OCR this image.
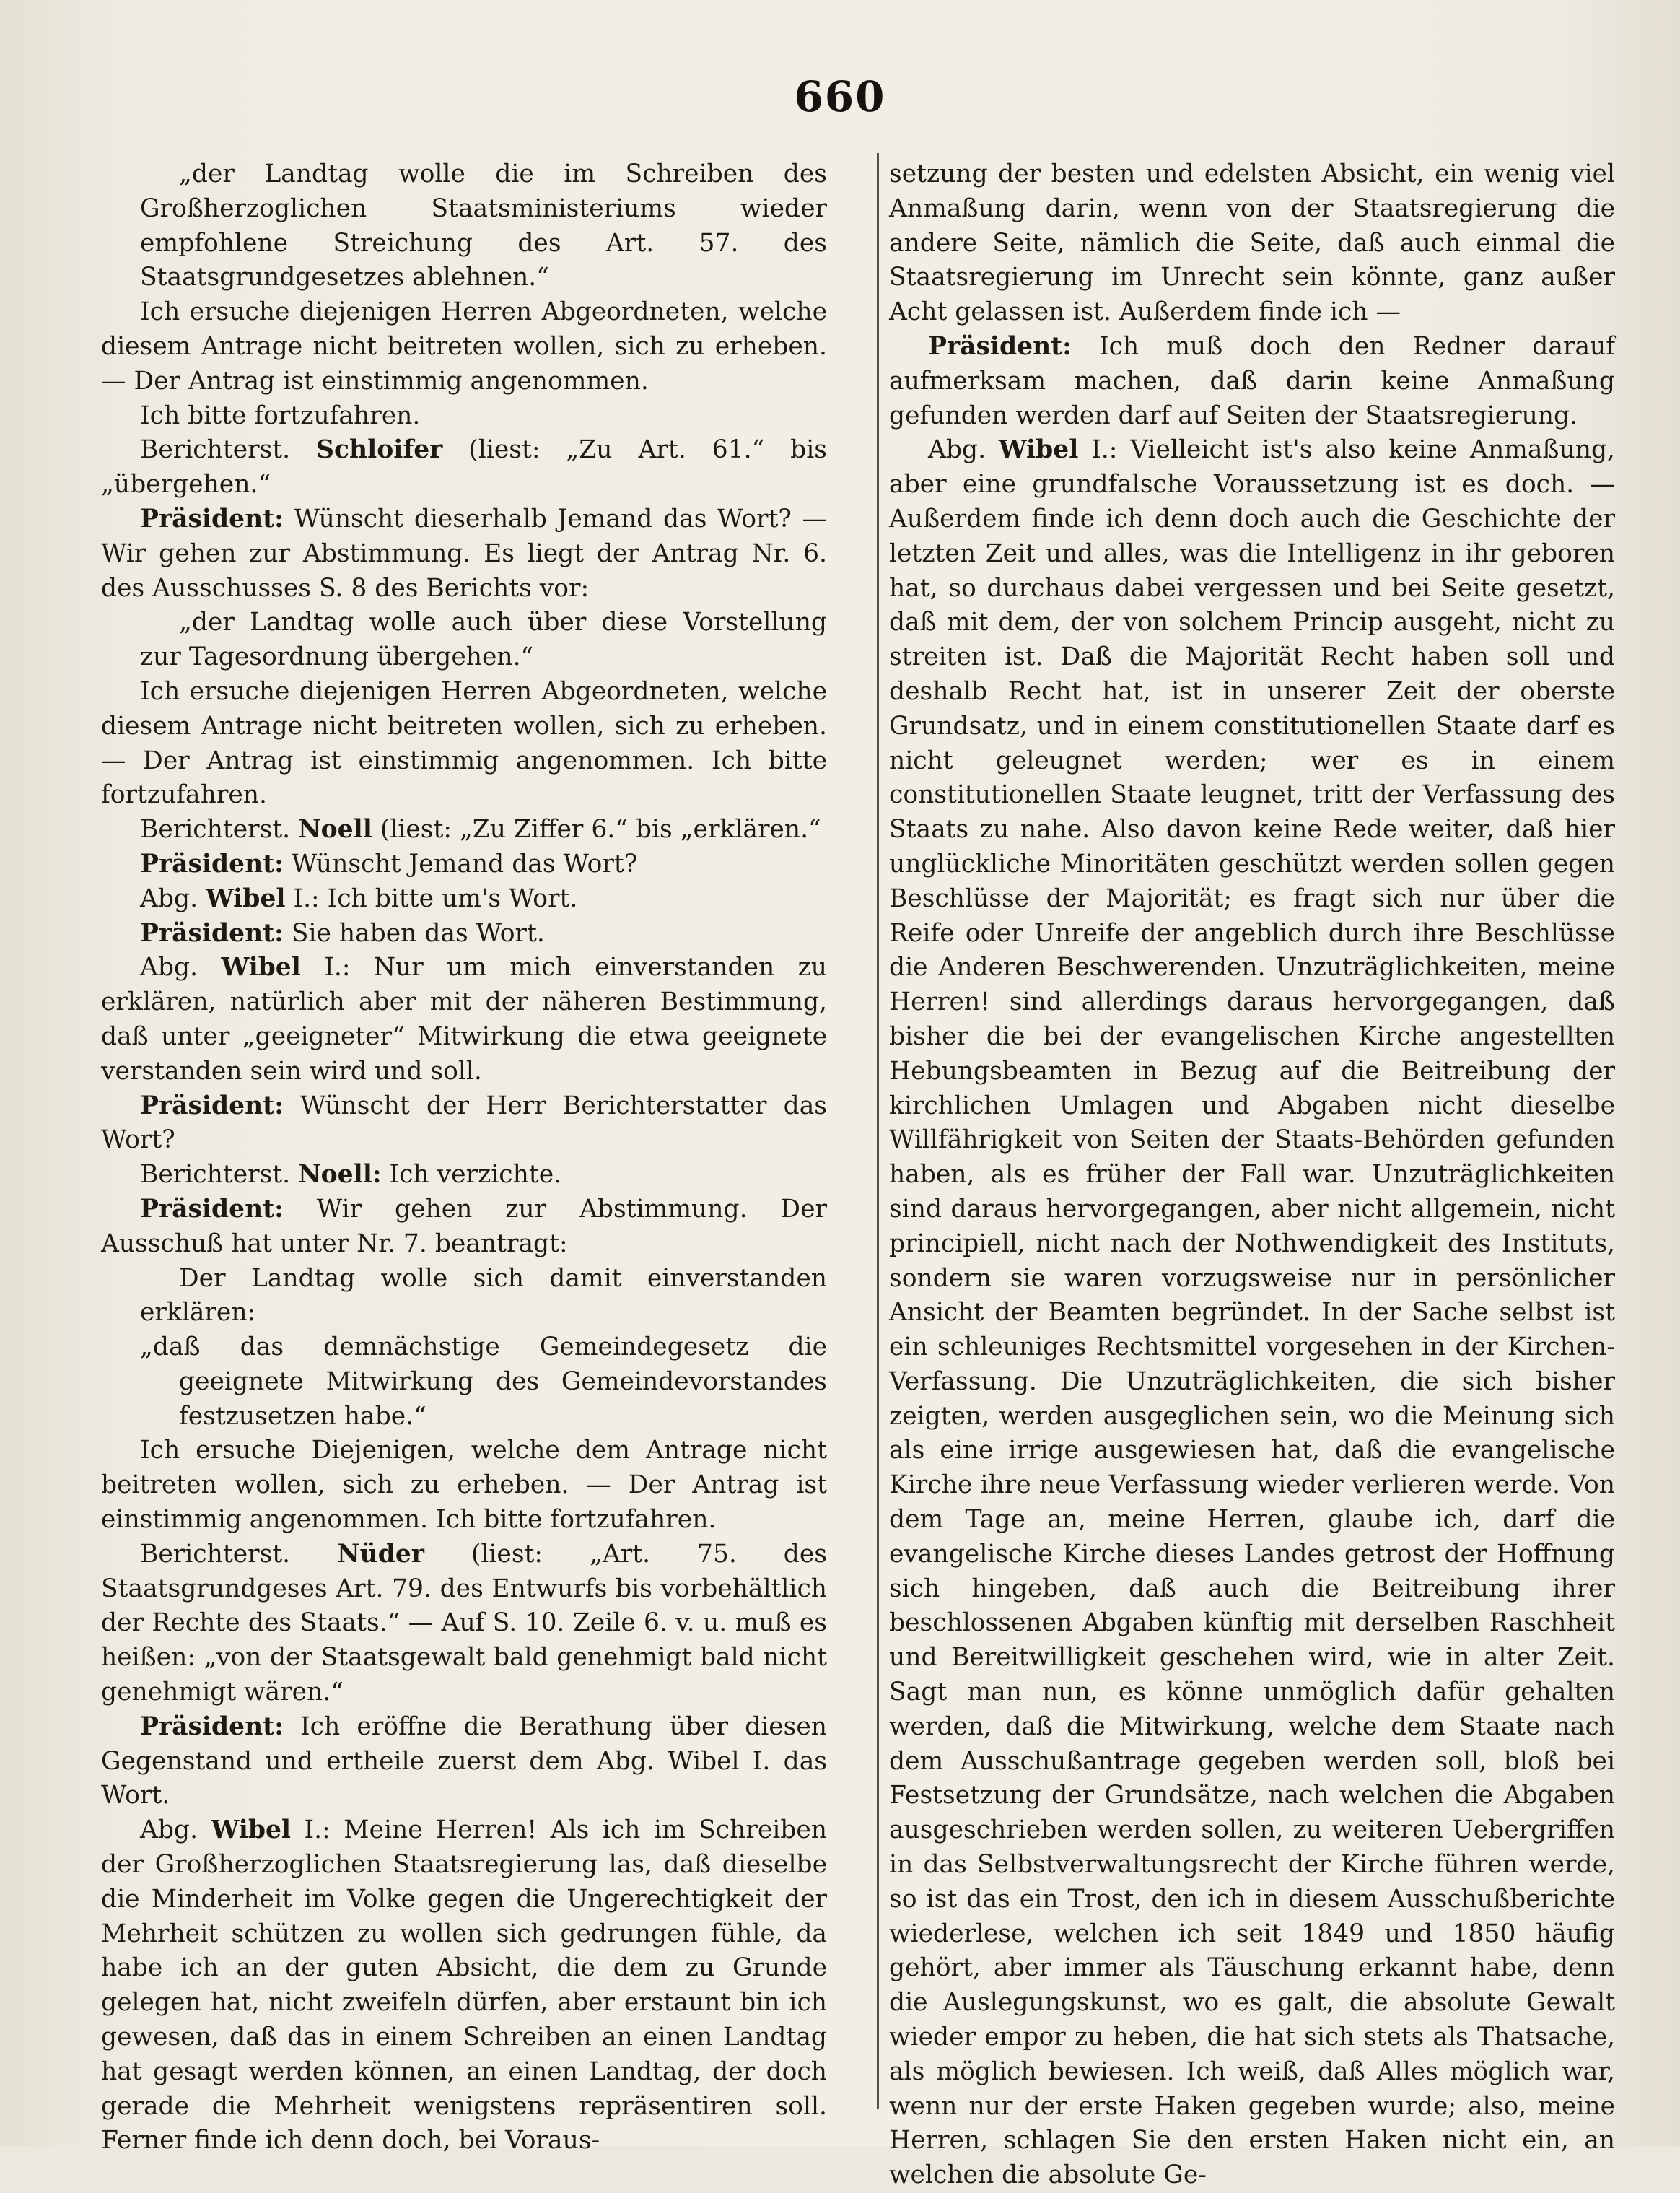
660

„der Landtag wolle die im Schreiben des Großherzoglichen Staatsministeriums wieder empfohlene Streichung des Art. 57. des Staatsgrundgesetzes ablehnen.“

Ich ersuche diejenigen Herren Abgeordneten, welche diesem Antrage nicht beitreten wollen, sich zu erheben. — Der Antrag ist einstimmig angenommen.

Ich bitte fortzufahren.

Berichterst. Schloifer (liest: „Zu Art. 61.“ bis „übergehen.“

Präsident: Wünscht dieserhalb Jemand das Wort? — Wir gehen zur Abstimmung. Es liegt der Antrag Nr. 6. des Ausschusses S. 8 des Berichts vor:

„der Landtag wolle auch über diese Vorstellung zur Tagesordnung übergehen.“

Ich ersuche diejenigen Herren Abgeordneten, welche diesem Antrage nicht beitreten wollen, sich zu erheben. — Der Antrag ist einstimmig angenommen. Ich bitte fortzufahren.

Berichterst. Noell (liest: „Zu Ziffer 6.“ bis „erklären.“

Präsident: Wünscht Jemand das Wort?

Abg. Wibel I.: Ich bitte um's Wort.

Präsident: Sie haben das Wort.

Abg. Wibel I.: Nur um mich einverstanden zu erklären, natürlich aber mit der näheren Bestimmung, daß unter „geeigneter“ Mitwirkung die etwa geeignete verstanden sein wird und soll.

Präsident: Wünscht der Herr Berichterstatter das Wort?

Berichterst. Noell: Ich verzichte.

Präsident: Wir gehen zur Abstimmung. Der Ausschuß hat unter Nr. 7. beantragt:

Der Landtag wolle sich damit einverstanden erklären:

„daß das demnächstige Gemeindegesetz die geeignete Mitwirkung des Gemeindevorstandes festzusetzen habe.“

Ich ersuche Diejenigen, welche dem Antrage nicht beitreten wollen, sich zu erheben. — Der Antrag ist einstimmig angenommen. Ich bitte fortzufahren.

Berichterst. Nüder (liest: „Art. 75. des Staatsgrundgeses Art. 79. des Entwurfs bis vorbehältlich der Rechte des Staats.“ — Auf S. 10. Zeile 6. v. u. muß es heißen: „von der Staatsgewalt bald genehmigt bald nicht genehmigt wären.“

Präsident: Ich eröffne die Berathung über diesen Gegenstand und ertheile zuerst dem Abg. Wibel I. das Wort.

Abg. Wibel I.: Meine Herren! Als ich im Schreiben der Großherzoglichen Staatsregierung las, daß dieselbe die Minderheit im Volke gegen die Ungerechtigkeit der Mehrheit schützen zu wollen sich gedrungen fühle, da habe ich an der guten Absicht, die dem zu Grunde gelegen hat, nicht zweifeln dürfen, aber erstaunt bin ich gewesen, daß das in einem Schreiben an einen Landtag hat gesagt werden können, an einen Landtag, der doch gerade die Mehrheit wenigstens repräsentiren soll. Ferner finde ich denn doch, bei Voraus-

setzung der besten und edelsten Absicht, ein wenig viel Anmaßung darin, wenn von der Staatsregierung die andere Seite, nämlich die Seite, daß auch einmal die Staatsregierung im Unrecht sein könnte, ganz außer Acht gelassen ist. Außerdem finde ich —

Präsident: Ich muß doch den Redner darauf aufmerksam machen, daß darin keine Anmaßung gefunden werden darf auf Seiten der Staatsregierung.

Abg. Wibel I.: Vielleicht ist's also keine Anmaßung, aber eine grundfalsche Voraussetzung ist es doch. — Außerdem finde ich denn doch auch die Geschichte der letzten Zeit und alles, was die Intelligenz in ihr geboren hat, so durchaus dabei vergessen und bei Seite gesetzt, daß mit dem, der von solchem Princip ausgeht, nicht zu streiten ist. Daß die Majorität Recht haben soll und deshalb Recht hat, ist in unserer Zeit der oberste Grundsatz, und in einem constitutionellen Staate darf es nicht geleugnet werden; wer es in einem constitutionellen Staate leugnet, tritt der Verfassung des Staats zu nahe. Also davon keine Rede weiter, daß hier unglückliche Minoritäten geschützt werden sollen gegen Beschlüsse der Majorität; es fragt sich nur über die Reife oder Unreife der angeblich durch ihre Beschlüsse die Anderen Beschwerenden. Unzuträglichkeiten, meine Herren! sind allerdings daraus hervorgegangen, daß bisher die bei der evangelischen Kirche angestellten Hebungsbeamten in Bezug auf die Beitreibung der kirchlichen Umlagen und Abgaben nicht dieselbe Willfährigkeit von Seiten der Staats-Behörden gefunden haben, als es früher der Fall war. Unzuträglichkeiten sind daraus hervorgegangen, aber nicht allgemein, nicht principiell, nicht nach der Nothwendigkeit des Instituts, sondern sie waren vorzugsweise nur in persönlicher Ansicht der Beamten begründet. In der Sache selbst ist ein schleuniges Rechtsmittel vorgesehen in der Kirchen-Verfassung. Die Unzuträglichkeiten, die sich bisher zeigten, werden ausgeglichen sein, wo die Meinung sich als eine irrige ausgewiesen hat, daß die evangelische Kirche ihre neue Verfassung wieder verlieren werde. Von dem Tage an, meine Herren, glaube ich, darf die evangelische Kirche dieses Landes getrost der Hoffnung sich hingeben, daß auch die Beitreibung ihrer beschlossenen Abgaben künftig mit derselben Raschheit und Bereitwilligkeit geschehen wird, wie in alter Zeit. Sagt man nun, es könne unmöglich dafür gehalten werden, daß die Mitwirkung, welche dem Staate nach dem Ausschußantrage gegeben werden soll, bloß bei Festsetzung der Grundsätze, nach welchen die Abgaben ausgeschrieben werden sollen, zu weiteren Uebergriffen in das Selbstverwaltungsrecht der Kirche führen werde, so ist das ein Trost, den ich in diesem Ausschußberichte wiederlese, welchen ich seit 1849 und 1850 häufig gehört, aber immer als Täuschung erkannt habe, denn die Auslegungskunst, wo es galt, die absolute Gewalt wieder empor zu heben, die hat sich stets als Thatsache, als möglich bewiesen. Ich weiß, daß Alles möglich war, wenn nur der erste Haken gegeben wurde; also, meine Herren, schlagen Sie den ersten Haken nicht ein, an welchen die absolute Ge-
